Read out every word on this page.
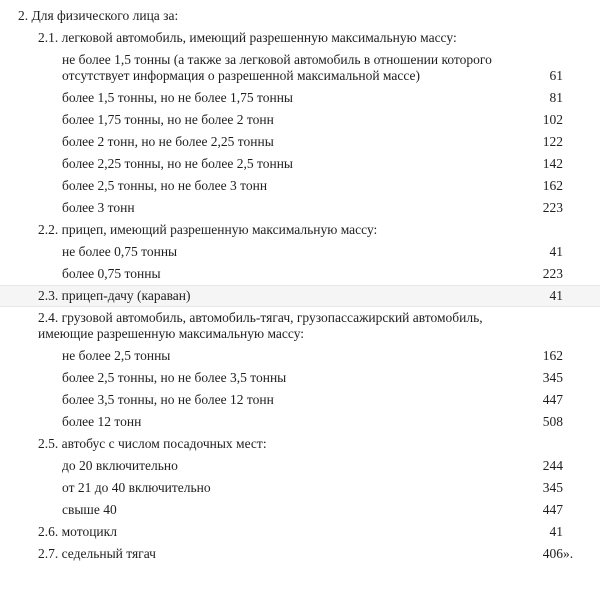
2. Для физического лица за:
2.1. легковой автомобиль, имеющий разрешенную максимальную массу:
не более 1,5 тонны (а также за легковой автомобиль в отношении которого
отсутствует информация о разрешенной максимальной массе)	61
более 1,5 тонны, но не более 1,75 тонны	81
более 1,75 тонны, но не более 2 тонн	102
более 2 тонн, но не более 2,25 тонны	122
более 2,25 тонны, но не более 2,5 тонны	142
более 2,5 тонны, но не более 3 тонн	162
более 3 тонн	223
2.2. прицеп, имеющий разрешенную максимальную массу:
не более 0,75 тонны	41
более 0,75 тонны	223
2.3. прицеп-дачу (караван)	41
2.4. грузовой автомобиль, автомобиль-тягач, грузопассажирский автомобиль,
имеющие разрешенную максимальную массу:
не более 2,5 тонны	162
более 2,5 тонны, но не более 3,5 тонны	345
более 3,5 тонны, но не более 12 тонн	447
более 12 тонн	508
2.5. автобус с числом посадочных мест:
до 20 включительно	244
от 21 до 40 включительно	345
свыше 40	447
2.6. мотоцикл	41
2.7. седельный тягач	406».
